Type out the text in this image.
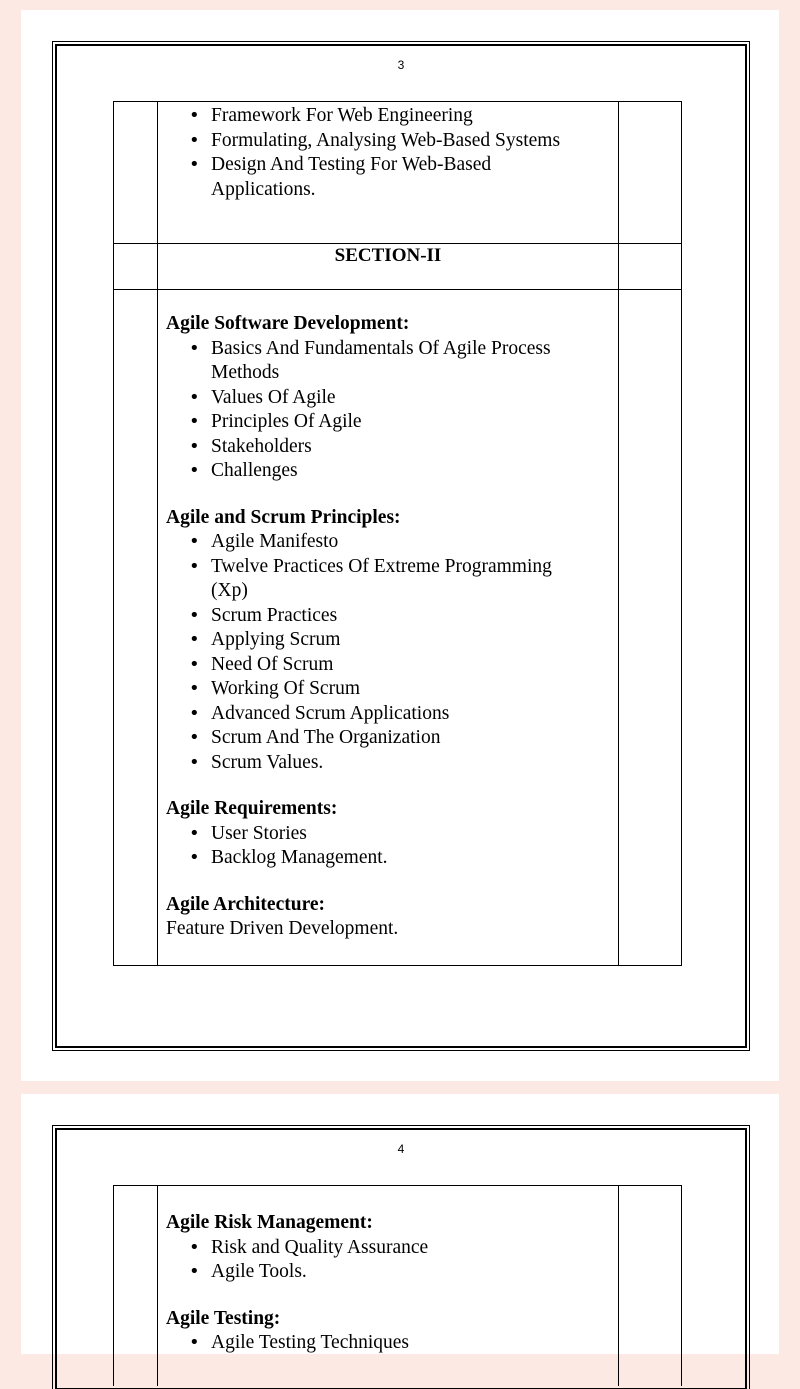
3
• Framework For Web Engineering
• Formulating, Analysing Web-Based Systems
• Design And Testing For Web-Based Applications.
SECTION-II
Agile Software Development:
• Basics And Fundamentals Of Agile Process Methods
• Values Of Agile
• Principles Of Agile
• Stakeholders
• Challenges
Agile and Scrum Principles:
• Agile Manifesto
• Twelve Practices Of Extreme Programming (Xp)
• Scrum Practices
• Applying Scrum
• Need Of Scrum
• Working Of Scrum
• Advanced Scrum Applications
• Scrum And The Organization
• Scrum Values.
Agile Requirements:
• User Stories
• Backlog Management.
Agile Architecture:
Feature Driven Development.
4
Agile Risk Management:
• Risk and Quality Assurance
• Agile Tools.
Agile Testing:
• Agile Testing Techniques
